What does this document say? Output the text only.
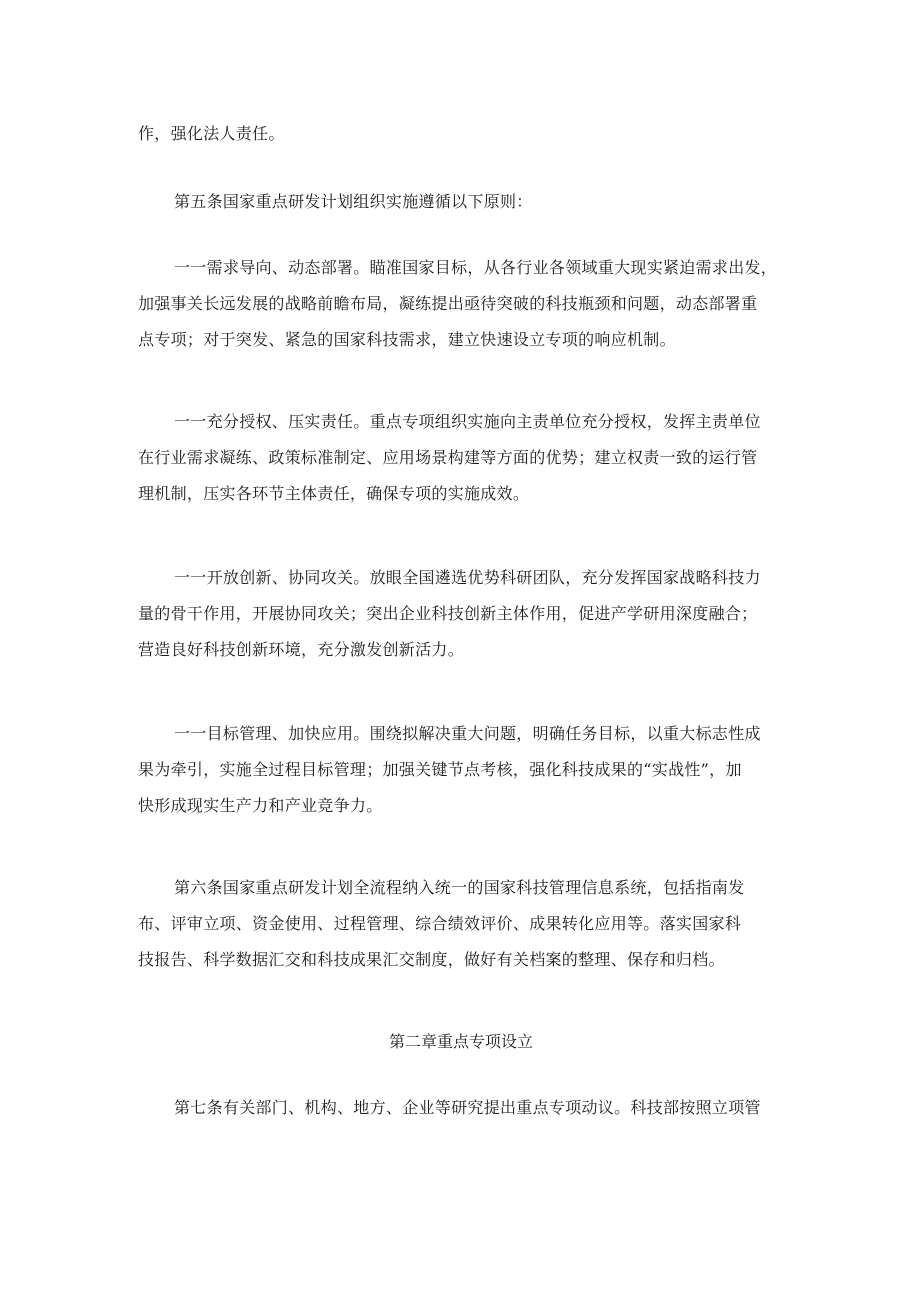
作，强化法人责任。

第五条国家重点研发计划组织实施遵循以下原则：

一一需求导向、动态部署。瞄准国家目标，从各行业各领域重大现实紧迫需求出发，
加强事关长远发展的战略前瞻布局，凝练提出亟待突破的科技瓶颈和问题，动态部署重
点专项；对于突发、紧急的国家科技需求，建立快速设立专项的响应机制。

一一充分授权、压实责任。重点专项组织实施向主责单位充分授权，发挥主责单位
在行业需求凝练、政策标准制定、应用场景构建等方面的优势；建立权责一致的运行管
理机制，压实各环节主体责任，确保专项的实施成效。

一一开放创新、协同攻关。放眼全国遴选优势科研团队，充分发挥国家战略科技力
量的骨干作用，开展协同攻关；突出企业科技创新主体作用，促进产学研用深度融合；
营造良好科技创新环境，充分激发创新活力。

一一目标管理、加快应用。围绕拟解决重大问题，明确任务目标，以重大标志性成
果为牵引，实施全过程目标管理；加强关键节点考核，强化科技成果的“实战性”，加
快形成现实生产力和产业竞争力。

第六条国家重点研发计划全流程纳入统一的国家科技管理信息系统，包括指南发
布、评审立项、资金使用、过程管理、综合绩效评价、成果转化应用等。落实国家科
技报告、科学数据汇交和科技成果汇交制度，做好有关档案的整理、保存和归档。

第二章重点专项设立

第七条有关部门、机构、地方、企业等研究提出重点专项动议。科技部按照立项管
